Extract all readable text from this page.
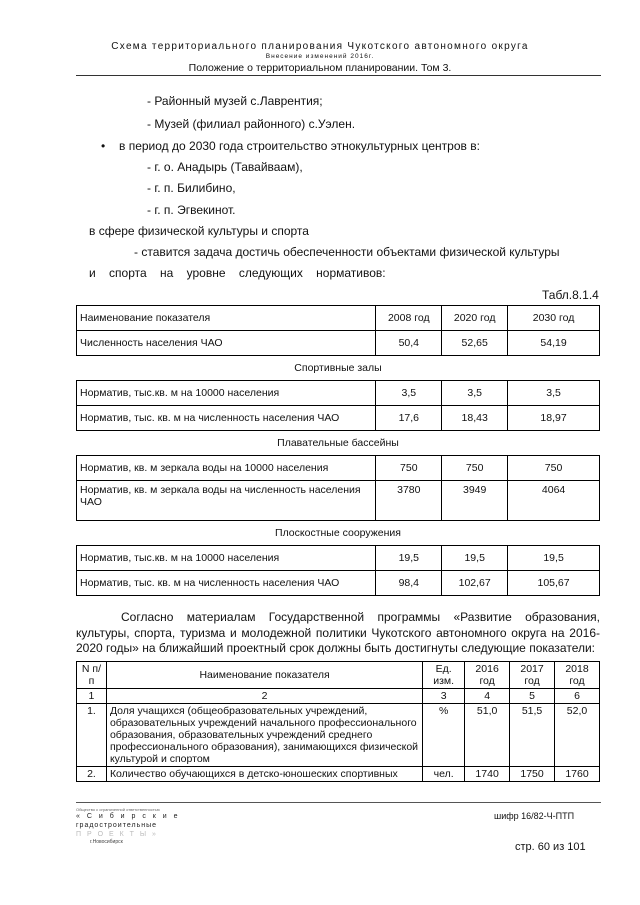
Схема территориального планирования Чукотского автономного округа
Внесение изменений 2016г.
Положение о территориальном планировании. Том 3.
- Районный музей с.Лаврентия;
- Музей (филиал районного) с.Уэлен.
• в период до 2030 года строительство этнокультурных центров в:
- г. о. Анадырь (Тавайваам),
- г. п. Билибино,
- г. п. Эгвекинот.
в сфере физической культуры и спорта
- ставится задача достичь обеспеченности объектами физической культуры
и спорта на уровне следующих нормативов:
Табл.8.1.4
Наименование показателя	2008 год	2020 год	2030 год
Численность населения ЧАО	50,4	52,65	54,19
Спортивные залы			
Норматив, тыс.кв. м на 10000 населения	3,5	3,5	3,5
Норматив, тыс. кв. м на численность населения ЧАО	17,6	18,43	18,97
Плавательные бассейны			
Норматив, кв. м зеркала воды на 10000 населения	750	750	750
Норматив, кв. м зеркала воды на численность населения ЧАО	3780	3949	4064
Плоскостные сооружения			
Норматив, тыс.кв. м на 10000 населения	19,5	19,5	19,5
Норматив, тыс. кв. м на численность населения ЧАО	98,4	102,67	105,67
Согласно материалам Государственной программы «Развитие образования, культуры, спорта, туризма и молодежной политики Чукотского автономного округа на 2016-2020 годы» на ближайший проектный срок должны быть достигнуты следующие показатели:
N п/п	Наименование показателя	Ед. изм.	2016 год	2017 год	2018 год
1	2	3	4	5	6
1.	Доля учащихся (общеобразовательных учреждений, образовательных учреждений начального профессионального образования, образовательных учреждений среднего профессионального образования), занимающихся физической культурой и спортом	%	51,0	51,5	52,0
2.	Количество обучающихся в детско-юношеских спортивных	чел.	1740	1750	1760
Общество с ограниченной ответственностью
« С и б и р с к и е
градостроительные
П Р О Е К Т Ы »
г.Новосибирск
шифр 16/82-Ч-ПТП
стр. 60 из 101
